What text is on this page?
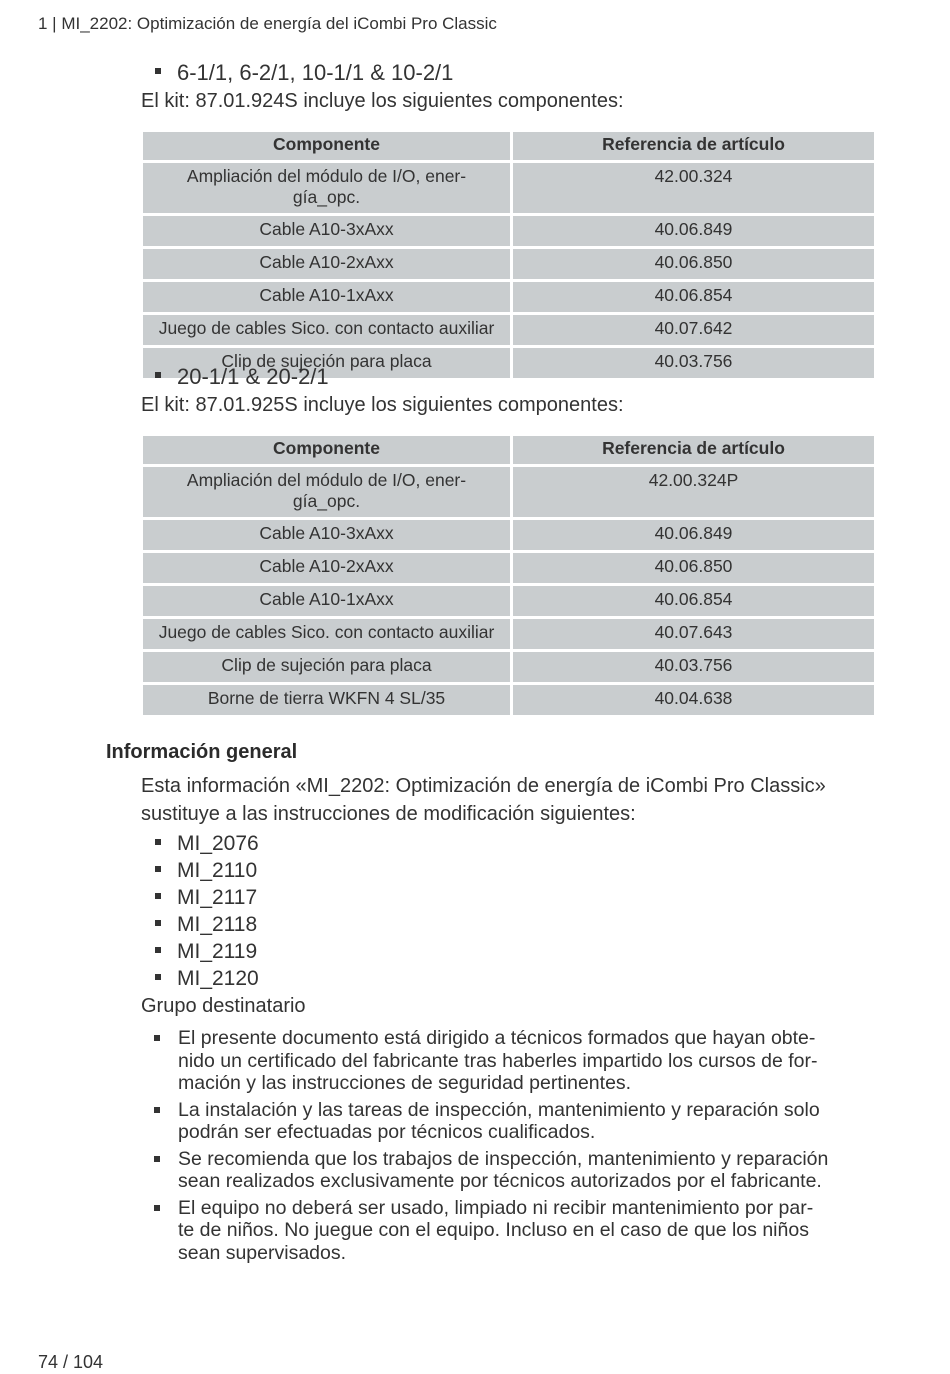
1 | MI_2202: Optimización de energía del iCombi Pro Classic
6-1/1, 6-2/1, 10-1/1 & 10-2/1
El kit: 87.01.924S incluye los siguientes componentes:
Componente	Referencia de artículo
Ampliación del módulo de I/O, ener-
gía_opc.	42.00.324
Cable A10-3xAxx	40.06.849
Cable A10-2xAxx	40.06.850
Cable A10-1xAxx	40.06.854
Juego de cables Sico. con contacto auxiliar	40.07.642
Clip de sujeción para placa	40.03.756
20-1/1 & 20-2/1
El kit: 87.01.925S incluye los siguientes componentes:
Componente	Referencia de artículo
Ampliación del módulo de I/O, ener-
gía_opc.	42.00.324P
Cable A10-3xAxx	40.06.849
Cable A10-2xAxx	40.06.850
Cable A10-1xAxx	40.06.854
Juego de cables Sico. con contacto auxiliar	40.07.643
Clip de sujeción para placa	40.03.756
Borne de tierra WKFN 4 SL/35	40.04.638
Información general
Esta información «MI_2202: Optimización de energía de iCombi Pro Classic» sustituye a las instrucciones de modificación siguientes:
MI_2076
MI_2110
MI_2117
MI_2118
MI_2119
MI_2120
Grupo destinatario
El presente documento está dirigido a técnicos formados que hayan obte-
nido un certificado del fabricante tras haberles impartido los cursos de for-
mación y las instrucciones de seguridad pertinentes.
La instalación y las tareas de inspección, mantenimiento y reparación solo
podrán ser efectuadas por técnicos cualificados.
Se recomienda que los trabajos de inspección, mantenimiento y reparación
sean realizados exclusivamente por técnicos autorizados por el fabricante.
El equipo no deberá ser usado, limpiado ni recibir mantenimiento por par-
te de niños. No juegue con el equipo. Incluso en el caso de que los niños
sean supervisados.
74 / 104
